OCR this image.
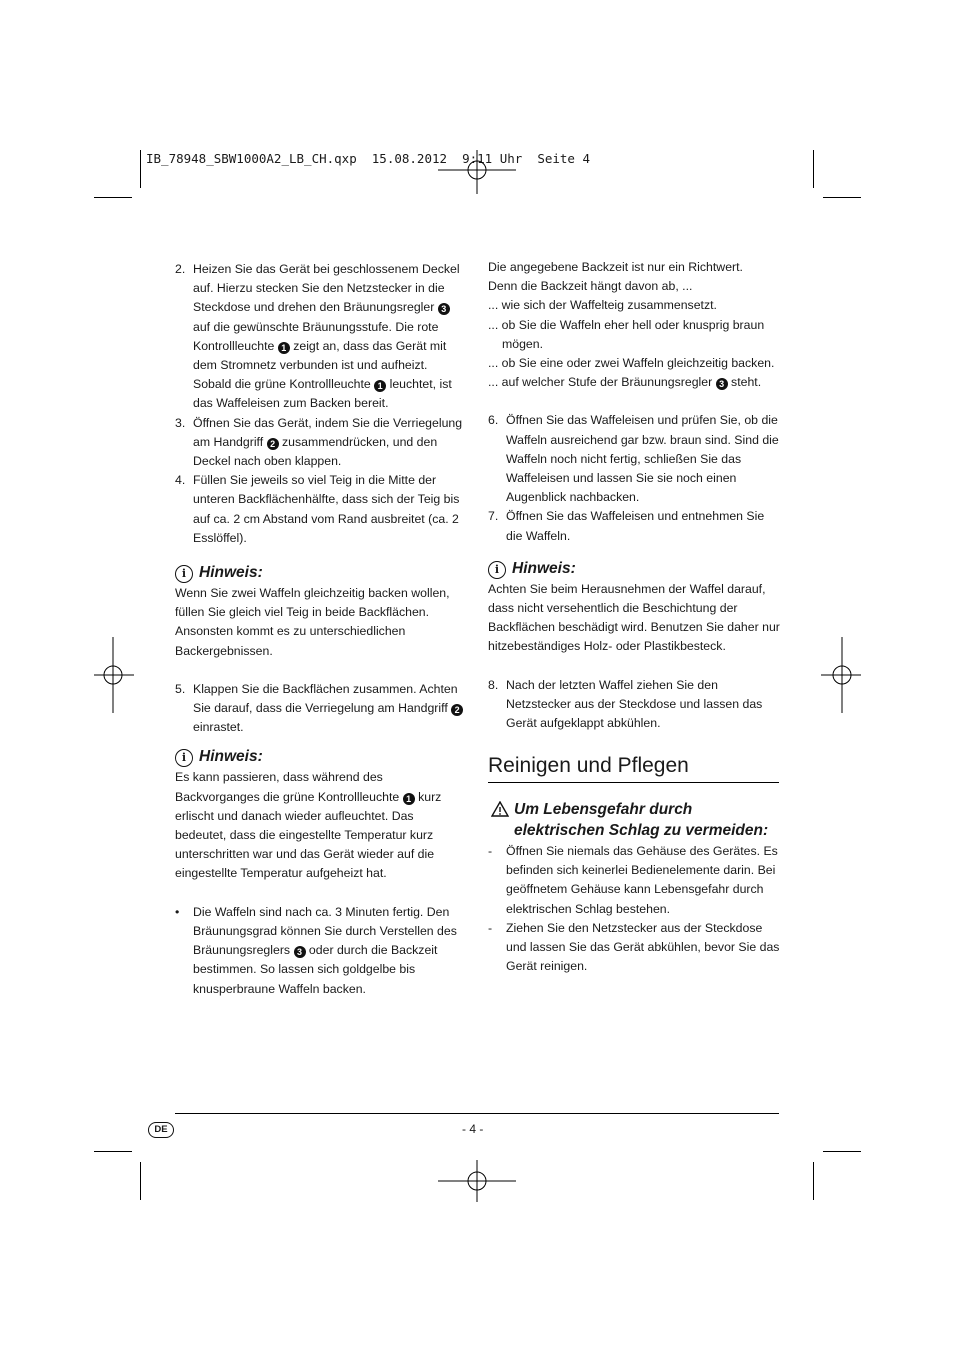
IB_78948_SBW1000A2_LB_CH.qxp  15.08.2012  9:11 Uhr  Seite 4
2. Heizen Sie das Gerät bei geschlossenem Deckel auf. Hierzu stecken Sie den Netzstecker in die Steckdose und drehen den Bräunungsregler 3 auf die gewünschte Bräunungsstufe. Die rote Kontrollleuchte 1 zeigt an, dass das Gerät mit dem Stromnetz verbunden ist und aufheizt. Sobald die grüne Kontrollleuchte 1 leuchtet, ist das Waffeleisen zum Backen bereit.
3. Öffnen Sie das Gerät, indem Sie die Verriegelung am Handgriff 2 zusammendrücken, und den Deckel nach oben klappen.
4. Füllen Sie jeweils so viel Teig in die Mitte der unteren Backflächenhälfte, dass sich der Teig bis auf ca. 2 cm Abstand vom Rand ausbreitet (ca. 2 Esslöffel).

i Hinweis:

Wenn Sie zwei Waffeln gleichzeitig backen wollen, füllen Sie gleich viel Teig in beide Backflächen. Ansonsten kommt es zu unterschiedlichen Backergebnissen.

5. Klappen Sie die Backflächen zusammen. Achten Sie darauf, dass die Verriegelung am Handgriff 2 einrastet.

i Hinweis:

Es kann passieren, dass während des Backvorganges die grüne Kontrollleuchte 1 kurz erlischt und danach wieder aufleuchtet. Das bedeutet, dass die eingestellte Temperatur kurz unterschritten war und das Gerät wieder auf die eingestellte Temperatur aufgeheizt hat.

• Die Waffeln sind nach ca. 3 Minuten fertig. Den Bräunungsgrad können Sie durch Verstellen des Bräunungsreglers 3 oder durch die Backzeit bestimmen. So lassen sich goldgelbe bis knusperbraune Waffeln backen.

Die angegebene Backzeit ist nur ein Richtwert.

Denn die Backzeit hängt davon ab, ...

... wie sich der Waffelteig zusammensetzt.
... ob Sie die Waffeln eher hell oder knusprig braun mögen.
... ob Sie eine oder zwei Waffeln gleichzeitig backen.

... auf welcher Stufe der Bräunungsregler 3 steht.

6. Öffnen Sie das Waffeleisen und prüfen Sie, ob die Waffeln ausreichend gar bzw. braun sind. Sind die Waffeln noch nicht fertig, schließen Sie das Waffeleisen und lassen Sie sie noch einen Augenblick nachbacken.
7. Öffnen Sie das Waffeleisen und entnehmen Sie die Waffeln.

i Hinweis:

Achten Sie beim Herausnehmen der Waffel darauf, dass nicht versehentlich die Beschichtung der Backflächen beschädigt wird. Benutzen Sie daher nur hitzebeständiges Holz- oder Plastikbesteck.

8. Nach der letzten Waffel ziehen Sie den Netzstecker aus der Steckdose und lassen das Gerät aufgeklappt abkühlen.
Reinigen und Pflegen
Um Lebensgefahr durch
elektrischen Schlag zu vermeiden:
- Öffnen Sie niemals das Gehäuse des Gerätes. Es befinden sich keinerlei Bedienelemente darin. Bei geöffnetem Gehäuse kann Lebensgefahr durch elektrischen Schlag bestehen.
- Ziehen Sie den Netzstecker aus der Steckdose und lassen Sie das Gerät abkühlen, bevor Sie das Gerät reinigen.
DE	- 4 -
